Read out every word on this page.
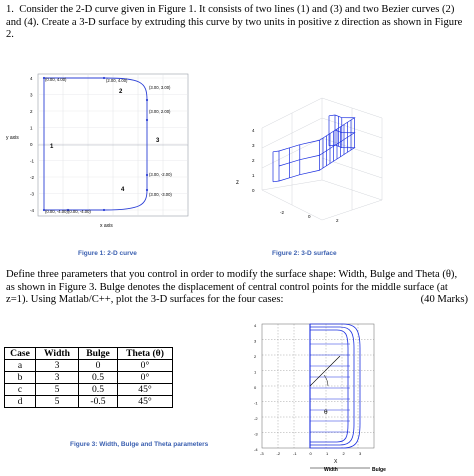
1. Consider the 2-D curve given in Figure 1. It consists of two lines (1) and (3) and two Bezier curves (2) and (4). Create a 3-D surface by extruding this curve by two units in positive z direction as shown in Figure 2.

4
3
2
1
0
-1
-2
-3
-4
y axis
x axis
1
2
3
4
(0.00, 4.00)	(2.00, 4.00)
(3.00, 3.00)
(3.00, 2.00)
(3.00, -2.00)
(3.00, -3.00)
(0.00, -4.00) (0.00, -4.00)
Figure 1: 2-D curve
4
3
2
1
0
z
-2
0
2
Figure 2: 3-D surface

Define three parameters that you control in order to modify the surface shape: Width, Bulge and Theta (θ), as shown in Figure 3. Bulge denotes the displacement of central control points for the middle surface (at z=1). Using Matlab/C++, plot the 3-D surfaces for the four cases:	(40 Marks)

Case	Width	Bulge	Theta (θ)
a	3	0	0°
b	3	0.5	0°
c	5	0.5	45°
d	5	-0.5	45°
4
3
2
1
0
-1
-2
-3
-4
-3	-2	-1	0	1	2	3
θ
X
Width	Bulge
Figure 3: Width, Bulge and Theta parameters
